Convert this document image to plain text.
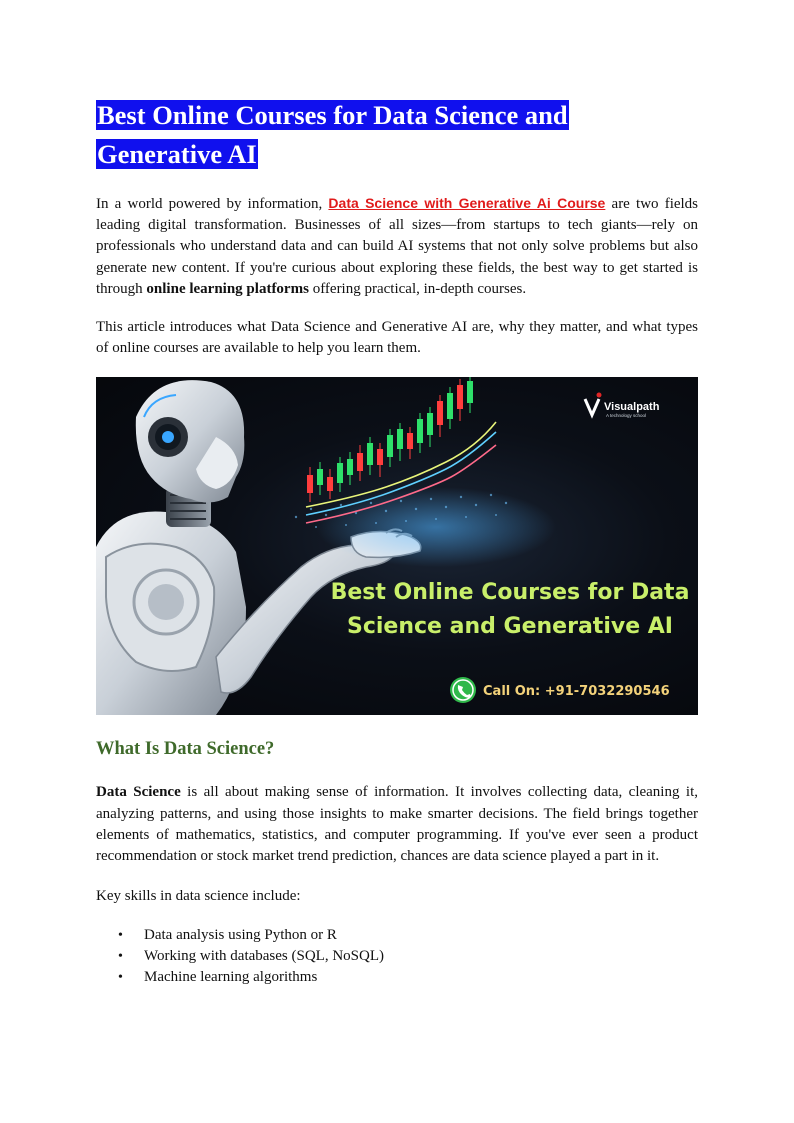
Best Online Courses for Data Science and Generative AI

In a world powered by information, Data Science with Generative Ai Course are two fields leading digital transformation. Businesses of all sizes—from startups to tech giants—rely on professionals who understand data and can build AI systems that not only solve problems but also generate new content. If you're curious about exploring these fields, the best way to get started is through online learning platforms offering practical, in-depth courses.

This article introduces what Data Science and Generative AI are, why they matter, and what types of online courses are available to help you learn them.

Visualpath
A technology school
Best Online Courses for Data
Science and Generative AI
Call On: +91-7032290546
What Is Data Science?

Data Science is all about making sense of information. It involves collecting data, cleaning it, analyzing patterns, and using those insights to make smarter decisions. The field brings together elements of mathematics, statistics, and computer programming. If you've ever seen a product recommendation or stock market trend prediction, chances are data science played a part in it.

Key skills in data science include:

• Data analysis using Python or R
• Working with databases (SQL, NoSQL)
• Machine learning algorithms
